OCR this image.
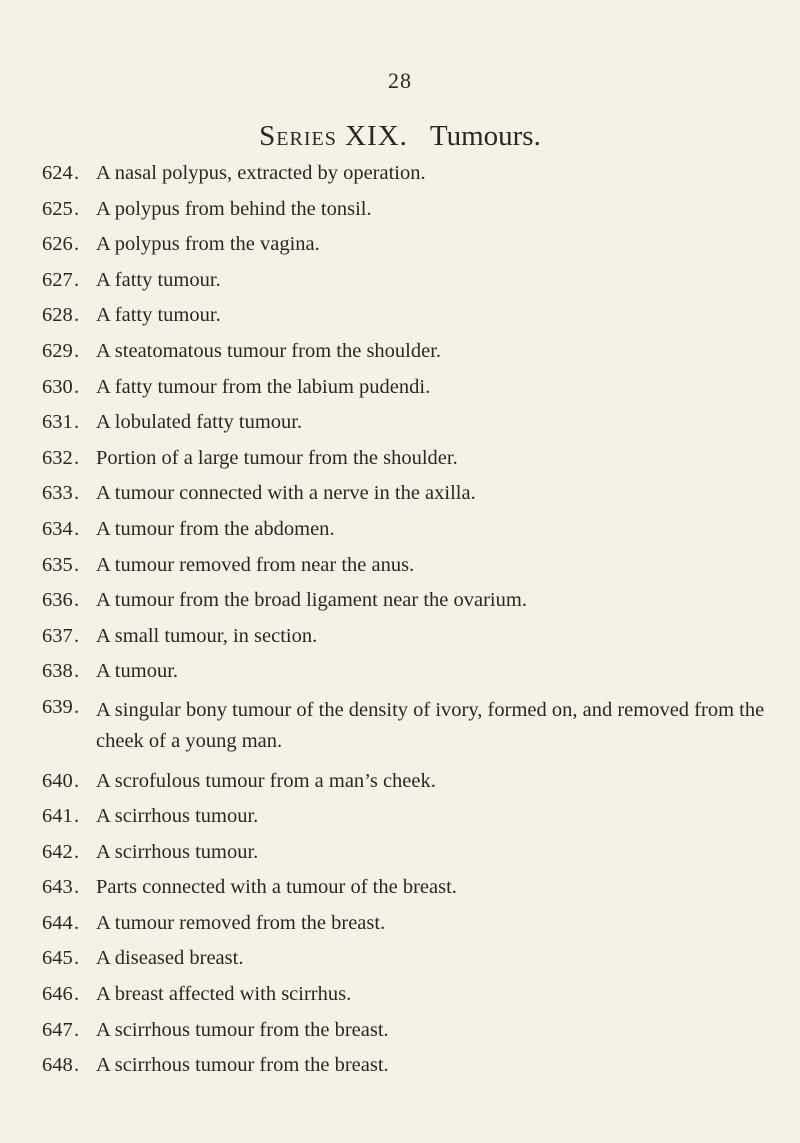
28
Series XIX. Tumours.
624 . A nasal polypus, extracted by operation.
625 . A polypus from behind the tonsil.
626 . A polypus from the vagina.
627 . A fatty tumour.
628 . A fatty tumour.
629 . A steatomatous tumour from the shoulder.
630 . A fatty tumour from the labium pudendi.
631 . A lobulated fatty tumour.
632 . Portion of a large tumour from the shoulder.
633 . A tumour connected with a nerve in the axilla.
634 . A tumour from the abdomen.
635 . A tumour removed from near the anus.
636 . A tumour from the broad ligament near the ovarium.
637 . A small tumour, in section.
638 . A tumour.
639 . A singular bony tumour of the density of ivory, formed on, and removed from the cheek of a young man.
640 . A scrofulous tumour from a man’s cheek.
641 . A scirrhous tumour.
642 . A scirrhous tumour.
643 . Parts connected with a tumour of the breast.
644 . A tumour removed from the breast.
645 . A diseased breast.
646 . A breast affected with scirrhus.
647 . A scirrhous tumour from the breast.
648 . A scirrhous tumour from the breast.
